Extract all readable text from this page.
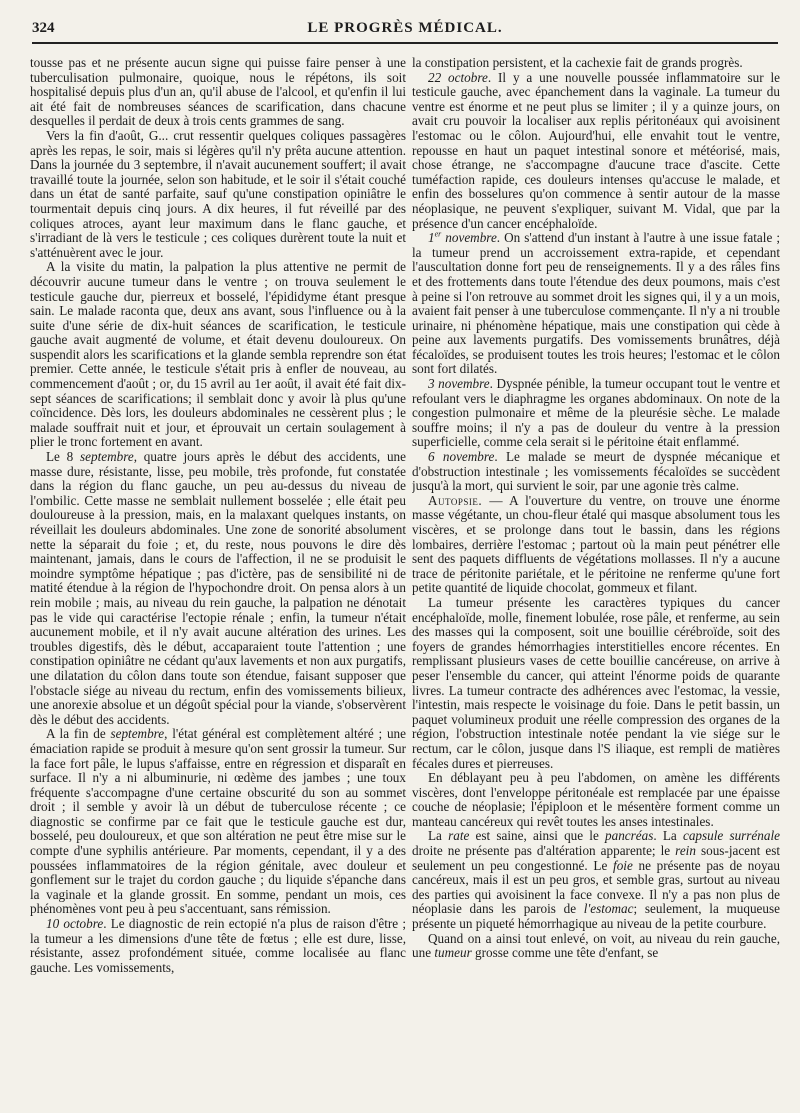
324	LE PROGRÈS MÉDICAL.

tousse pas et ne présente aucun signe qui puisse faire penser à une tuberculisation pulmonaire, quoique, nous le répétons, ils soit hospitalisé depuis plus d'un an, qu'il abuse de l'alcool, et qu'enfin il lui ait été fait de nombreuses séances de scarification, dans chacune desquelles il perdait de deux à trois cents grammes de sang.

Vers la fin d'août, G... crut ressentir quelques coliques passagères après les repas, le soir, mais si légères qu'il n'y prêta aucune attention. Dans la journée du 3 septembre, il n'avait aucunement souffert; il avait travaillé toute la journée, selon son habitude, et le soir il s'était couché dans un état de santé parfaite, sauf qu'une constipation opiniâtre le tourmentait depuis cinq jours. A dix heures, il fut réveillé par des coliques atroces, ayant leur maximum dans le flanc gauche, et s'irradiant de là vers le testicule ; ces coliques durèrent toute la nuit et s'atténuèrent avec le jour.

A la visite du matin, la palpation la plus attentive ne permit de découvrir aucune tumeur dans le ventre ; on trouva seulement le testicule gauche dur, pierreux et bosselé, l'épididyme étant presque sain. Le malade raconta que, deux ans avant, sous l'influence ou à la suite d'une série de dix-huit séances de scarification, le testicule gauche avait augmenté de volume, et était devenu douloureux. On suspendit alors les scarifications et la glande sembla reprendre son état premier. Cette année, le testicule s'était pris à enfler de nouveau, au commencement d'août ; or, du 15 avril au 1er août, il avait été fait dix-sept séances de scarifications; il semblait donc y avoir là plus qu'une coïncidence. Dès lors, les douleurs abdominales ne cessèrent plus ; le malade souffrait nuit et jour, et éprouvait un certain soulagement à plier le tronc fortement en avant.

Le 8 septembre, quatre jours après le début des accidents, une masse dure, résistante, lisse, peu mobile, très profonde, fut constatée dans la région du flanc gauche, un peu au-dessus du niveau de l'ombilic. Cette masse ne semblait nullement bosselée ; elle était peu douloureuse à la pression, mais, en la malaxant quelques instants, on réveillait les douleurs abdominales. Une zone de sonorité absolument nette la séparait du foie ; et, du reste, nous pouvons le dire dès maintenant, jamais, dans le cours de l'affection, il ne se produisit le moindre symptôme hépatique ; pas d'ictère, pas de sensibilité ni de matité étendue à la région de l'hypochondre droit. On pensa alors à un rein mobile ; mais, au niveau du rein gauche, la palpation ne dénotait pas le vide qui caractérise l'ectopie rénale ; enfin, la tumeur n'était aucunement mobile, et il n'y avait aucune altération des urines. Les troubles digestifs, dès le début, accaparaient toute l'attention ; une constipation opiniâtre ne cédant qu'aux lavements et non aux purgatifs, une dilatation du côlon dans toute son étendue, faisant supposer que l'obstacle siége au niveau du rectum, enfin des vomissements bilieux, une anorexie absolue et un dégoût spécial pour la viande, s'observèrent dès le début des accidents.

A la fin de septembre, l'état général est complètement altéré ; une émaciation rapide se produit à mesure qu'on sent grossir la tumeur. Sur la face fort pâle, le lupus s'affaisse, entre en régression et disparaît en surface. Il n'y a ni albuminurie, ni œdème des jambes ; une toux fréquente s'accompagne d'une certaine obscurité du son au sommet droit ; il semble y avoir là un début de tuberculose récente ; ce diagnostic se confirme par ce fait que le testicule gauche est dur, bosselé, peu douloureux, et que son altération ne peut être mise sur le compte d'une syphilis antérieure. Par moments, cependant, il y a des poussées inflammatoires de la région génitale, avec douleur et gonflement sur le trajet du cordon gauche ; du liquide s'épanche dans la vaginale et la glande grossit. En somme, pendant un mois, ces phénomènes vont peu à peu s'accentuant, sans rémission.

10 octobre. Le diagnostic de rein ectopié n'a plus de raison d'être ; la tumeur a les dimensions d'une tête de fœtus ; elle est dure, lisse, résistante, assez profondément située, comme localisée au flanc gauche. Les vomissements,

la constipation persistent, et la cachexie fait de grands progrès.

22 octobre. Il y a une nouvelle poussée inflammatoire sur le testicule gauche, avec épanchement dans la vaginale. La tumeur du ventre est énorme et ne peut plus se limiter ; il y a quinze jours, on avait cru pouvoir la localiser aux replis péritonéaux qui avoisinent l'estomac ou le côlon. Aujourd'hui, elle envahit tout le ventre, repousse en haut un paquet intestinal sonore et météorisé, mais, chose étrange, ne s'accompagne d'aucune trace d'ascite. Cette tuméfaction rapide, ces douleurs intenses qu'accuse le malade, et enfin des bosselures qu'on commence à sentir autour de la masse néoplasique, ne peuvent s'expliquer, suivant M. Vidal, que par la présence d'un cancer encéphaloïde.

1er novembre. On s'attend d'un instant à l'autre à une issue fatale ; la tumeur prend un accroissement extra-rapide, et cependant l'auscultation donne fort peu de renseignements. Il y a des râles fins et des frottements dans toute l'étendue des deux poumons, mais c'est à peine si l'on retrouve au sommet droit les signes qui, il y a un mois, avaient fait penser à une tuberculose commençante. Il n'y a ni trouble urinaire, ni phénomène hépatique, mais une constipation qui cède à peine aux lavements purgatifs. Des vomissements brunâtres, déjà fécaloïdes, se produisent toutes les trois heures; l'estomac et le côlon sont fort dilatés.

3 novembre. Dyspnée pénible, la tumeur occupant tout le ventre et refoulant vers le diaphragme les organes abdominaux. On note de la congestion pulmonaire et même de la pleurésie sèche. Le malade souffre moins; il n'y a pas de douleur du ventre à la pression superficielle, comme cela serait si le péritoine était enflammé.

6 novembre. Le malade se meurt de dyspnée mécanique et d'obstruction intestinale ; les vomissements fécaloïdes se succèdent jusqu'à la mort, qui survient le soir, par une agonie très calme.

Autopsie. — A l'ouverture du ventre, on trouve une énorme masse végétante, un chou-fleur étalé qui masque absolument tous les viscères, et se prolonge dans tout le bassin, dans les régions lombaires, derrière l'estomac ; partout où la main peut pénétrer elle sent des paquets diffluents de végétations mollasses. Il n'y a aucune trace de péritonite pariétale, et le péritoine ne renferme qu'une fort petite quantité de liquide chocolat, gommeux et filant.

La tumeur présente les caractères typiques du cancer encéphaloïde, molle, finement lobulée, rose pâle, et renferme, au sein des masses qui la composent, soit une bouillie cérébroïde, soit des foyers de grandes hémorrhagies interstitielles encore récentes. En remplissant plusieurs vases de cette bouillie cancéreuse, on arrive à peser l'ensemble du cancer, qui atteint l'énorme poids de quarante livres. La tumeur contracte des adhérences avec l'estomac, la vessie, l'intestin, mais respecte le voisinage du foie. Dans le petit bassin, un paquet volumineux produit une réelle compression des organes de la région, l'obstruction intestinale notée pendant la vie siége sur le rectum, car le côlon, jusque dans l'S iliaque, est rempli de matières fécales dures et pierreuses.

En déblayant peu à peu l'abdomen, on amène les différents viscères, dont l'enveloppe péritonéale est remplacée par une épaisse couche de néoplasie; l'épiploon et le mésentère forment comme un manteau cancéreux qui revêt toutes les anses intestinales.

La rate est saine, ainsi que le pancréas. La capsule surrénale droite ne présente pas d'altération apparente; le rein sous-jacent est seulement un peu congestionné. Le foie ne présente pas de noyau cancéreux, mais il est un peu gros, et semble gras, surtout au niveau des parties qui avoisinent la face convexe. Il n'y a pas non plus de néoplasie dans les parois de l'estomac; seulement, la muqueuse présente un piqueté hémorrhagique au niveau de la petite courbure.

Quand on a ainsi tout enlevé, on voit, au niveau du rein gauche, une tumeur grosse comme une tête d'enfant, se
